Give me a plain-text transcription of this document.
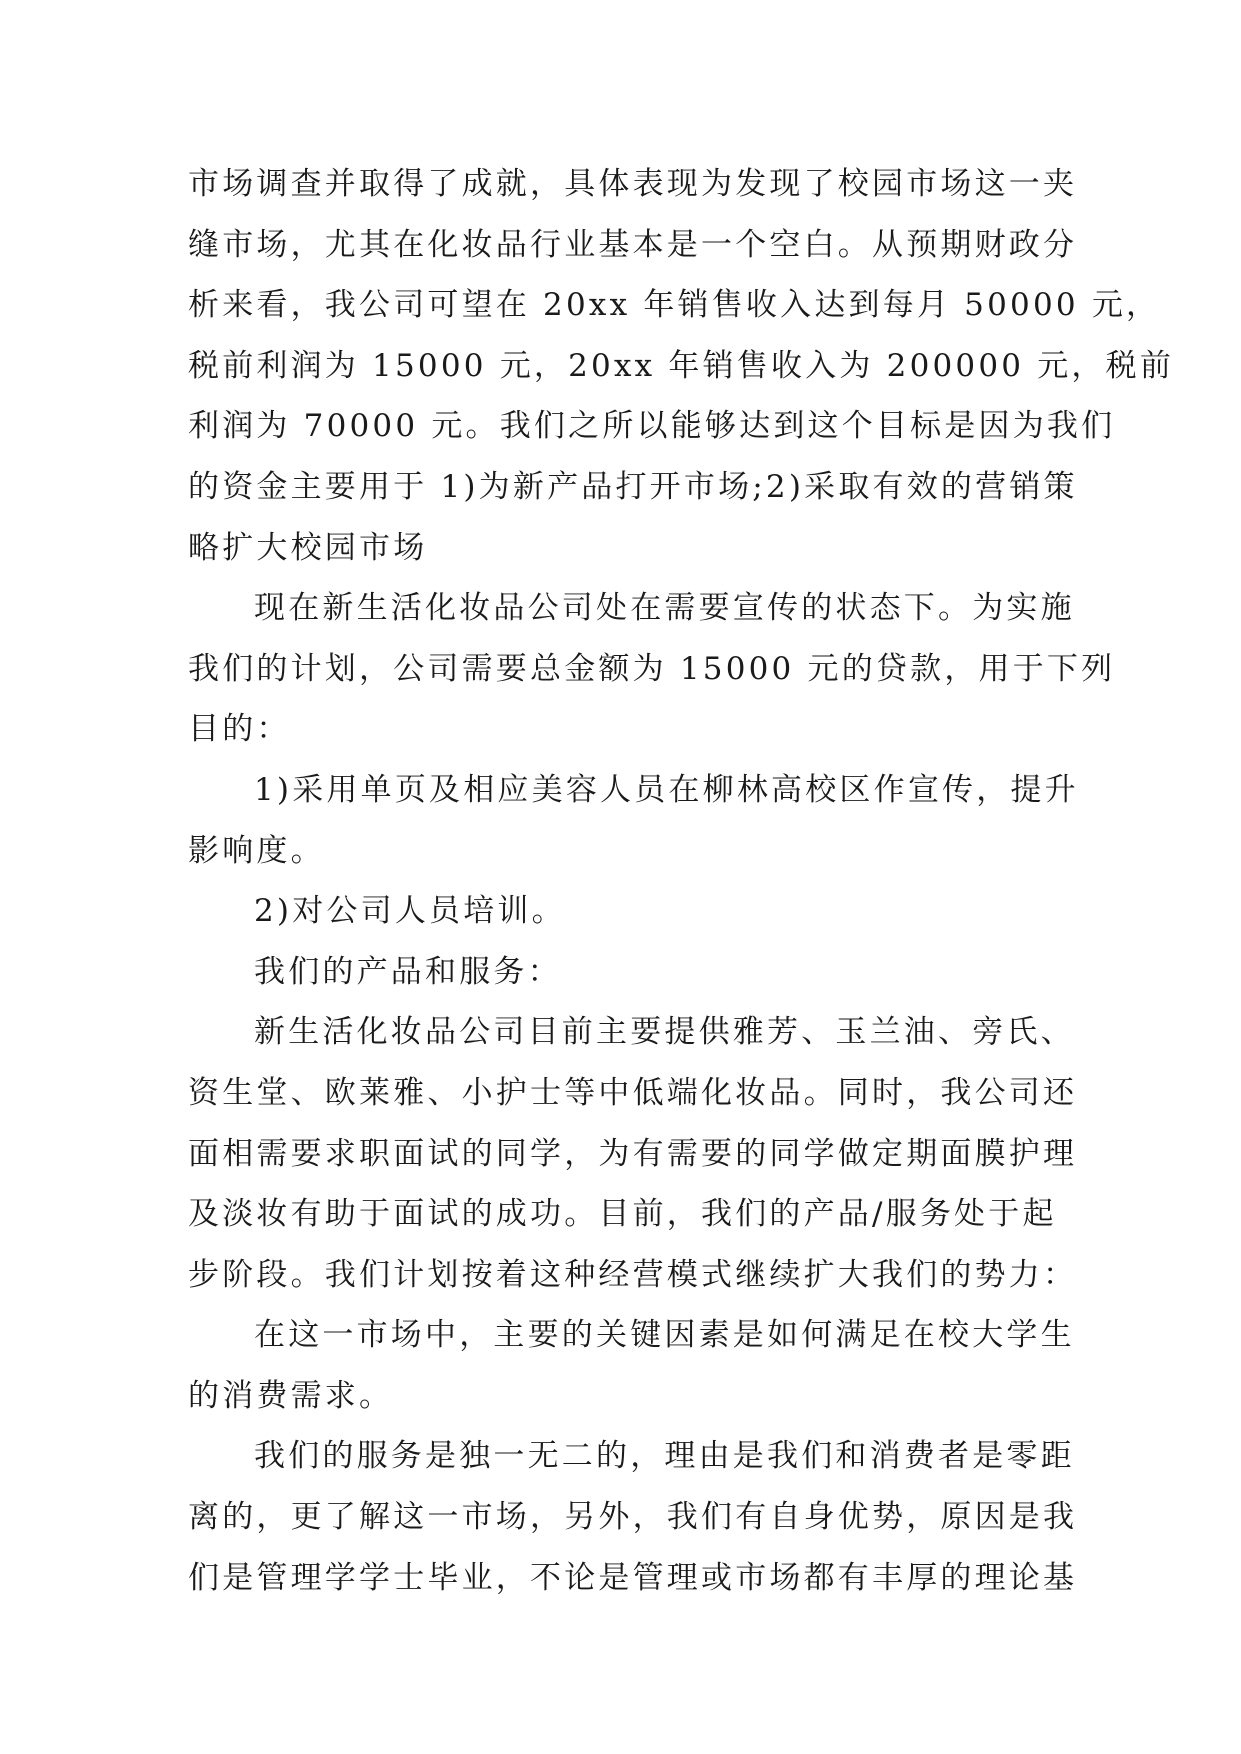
市场调查并取得了成就，具体表现为发现了校园市场这一夹
缝市场，尤其在化妆品行业基本是一个空白。从预期财政分
析来看，我公司可望在 20xx 年销售收入达到每月 50000 元，
税前利润为 15000 元，20xx 年销售收入为 200000 元，税前
利润为 70000 元。我们之所以能够达到这个目标是因为我们
的资金主要用于 1)为新产品打开市场;2)采取有效的营销策
略扩大校园市场
现在新生活化妆品公司处在需要宣传的状态下。为实施
我们的计划，公司需要总金额为 15000 元的贷款，用于下列
目的：
1)采用单页及相应美容人员在柳林高校区作宣传，提升
影响度。
2)对公司人员培训。
我们的产品和服务：
新生活化妆品公司目前主要提供雅芳、玉兰油、旁氏、
资生堂、欧莱雅、小护士等中低端化妆品。同时，我公司还
面相需要求职面试的同学，为有需要的同学做定期面膜护理
及淡妆有助于面试的成功。目前，我们的产品/服务处于起
步阶段。我们计划按着这种经营模式继续扩大我们的势力：
在这一市场中，主要的关键因素是如何满足在校大学生
的消费需求。
我们的服务是独一无二的，理由是我们和消费者是零距
离的，更了解这一市场，另外，我们有自身优势，原因是我
们是管理学学士毕业，不论是管理或市场都有丰厚的理论基
